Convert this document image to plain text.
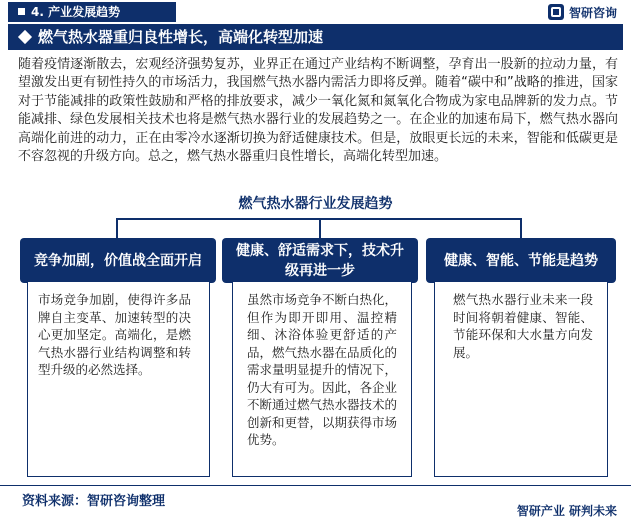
4. 产业发展趋势	智研咨询
燃气热水器重归良性增长，高端化转型加速

随着疫情逐渐散去，宏观经济强势复苏，业界正在通过产业结构不断调整，孕育出一股新的拉动力量，有望激发出更有韧性持久的市场活力，我国燃气热水器内需活力即将反弹。随着“碳中和”战略的推进，国家对于节能减排的政策性鼓励和严格的排放要求，减少一氧化氮和氮氧化合物成为家电品牌新的发力点。节能减排、绿色发展相关技术也将是燃气热水器行业的发展趋势之一。在企业的加速布局下，燃气热水器向高端化前进的动力，正在由零冷水逐渐切换为舒适健康技术。但是，放眼更长远的未来，智能和低碳更是不容忽视的升级方向。总之，燃气热水器重归良性增长，高端化转型加速。

燃气热水器行业发展趋势
竞争加剧，价值战全面开启
市场竞争加剧，使得许多品牌自主变革、加速转型的决心更加坚定。高端化，是燃气热水器行业结构调整和转型升级的必然选择。
健康、舒适需求下，技术升级再进一步
虽然市场竞争不断白热化，但作为即开即用、温控精细、沐浴体验更舒适的产品，燃气热水器在品质化的需求量明显提升的情况下，仍大有可为。因此，各企业不断通过燃气热水器技术的创新和更替，以期获得市场优势。
健康、智能、节能是趋势
燃气热水器行业未来一段时间将朝着健康、智能、节能环保和大水量方向发展。
资料来源：智研咨询整理
智研产业 研判未来
